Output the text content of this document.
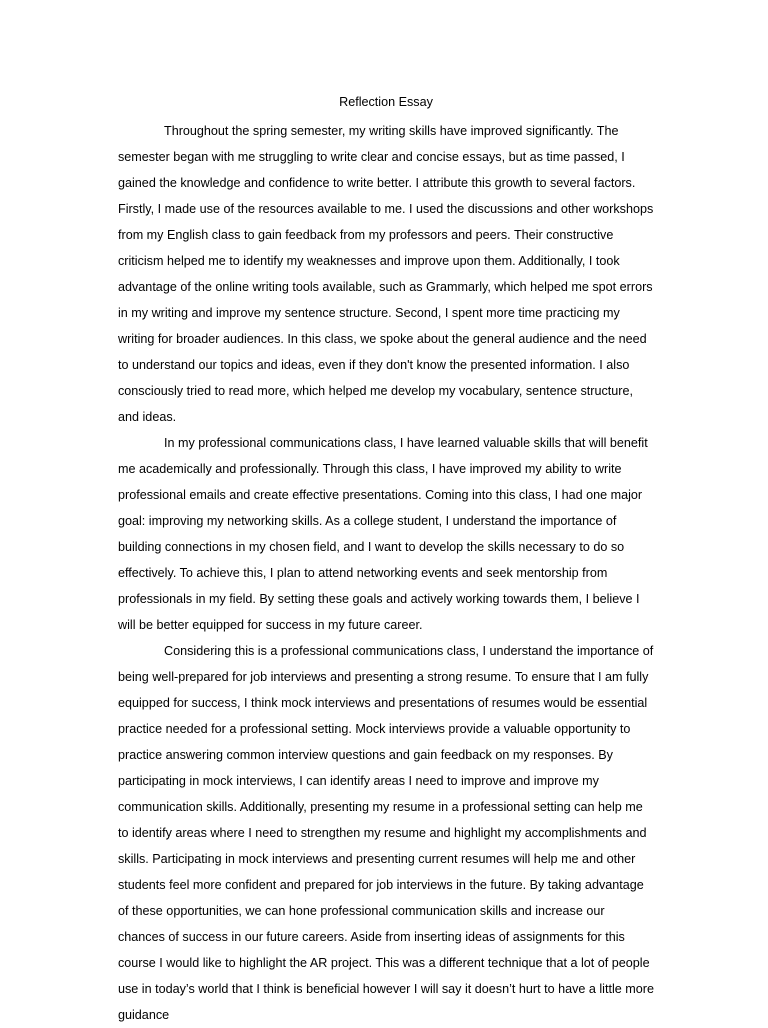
Reflection Essay

Throughout the spring semester, my writing skills have improved significantly. The semester began with me struggling to write clear and concise essays, but as time passed, I gained the knowledge and confidence to write better. I attribute this growth to several factors.

Firstly, I made use of the resources available to me. I used the discussions and other workshops from my English class to gain feedback from my professors and peers. Their constructive criticism helped me to identify my weaknesses and improve upon them. Additionally, I took advantage of the online writing tools available, such as Grammarly, which helped me spot errors in my writing and improve my sentence structure. Second, I spent more time practicing my writing for broader audiences. In this class, we spoke about the general audience and the need to understand our topics and ideas, even if they don't know the presented information. I also consciously tried to read more, which helped me develop my vocabulary, sentence structure, and ideas.

In my professional communications class, I have learned valuable skills that will benefit me academically and professionally. Through this class, I have improved my ability to write professional emails and create effective presentations. Coming into this class, I had one major goal: improving my networking skills. As a college student, I understand the importance of building connections in my chosen field, and I want to develop the skills necessary to do so effectively. To achieve this, I plan to attend networking events and seek mentorship from professionals in my field. By setting these goals and actively working towards them, I believe I will be better equipped for success in my future career.

Considering this is a professional communications class, I understand the importance of being well-prepared for job interviews and presenting a strong resume. To ensure that I am fully equipped for success, I think mock interviews and presentations of resumes would be essential practice needed for a professional setting. Mock interviews provide a valuable opportunity to practice answering common interview questions and gain feedback on my responses. By participating in mock interviews, I can identify areas I need to improve and improve my communication skills. Additionally, presenting my resume in a professional setting can help me to identify areas where I need to strengthen my resume and highlight my accomplishments and skills. Participating in mock interviews and presenting current resumes will help me and other students feel more confident and prepared for job interviews in the future. By taking advantage of these opportunities, we can hone professional communication skills and increase our chances of success in our future careers. Aside from inserting ideas of assignments for this course I would like to highlight the AR project. This was a different technique that a lot of people use in today’s world that I think is beneficial however I will say it doesn’t hurt to have a little more guidance
